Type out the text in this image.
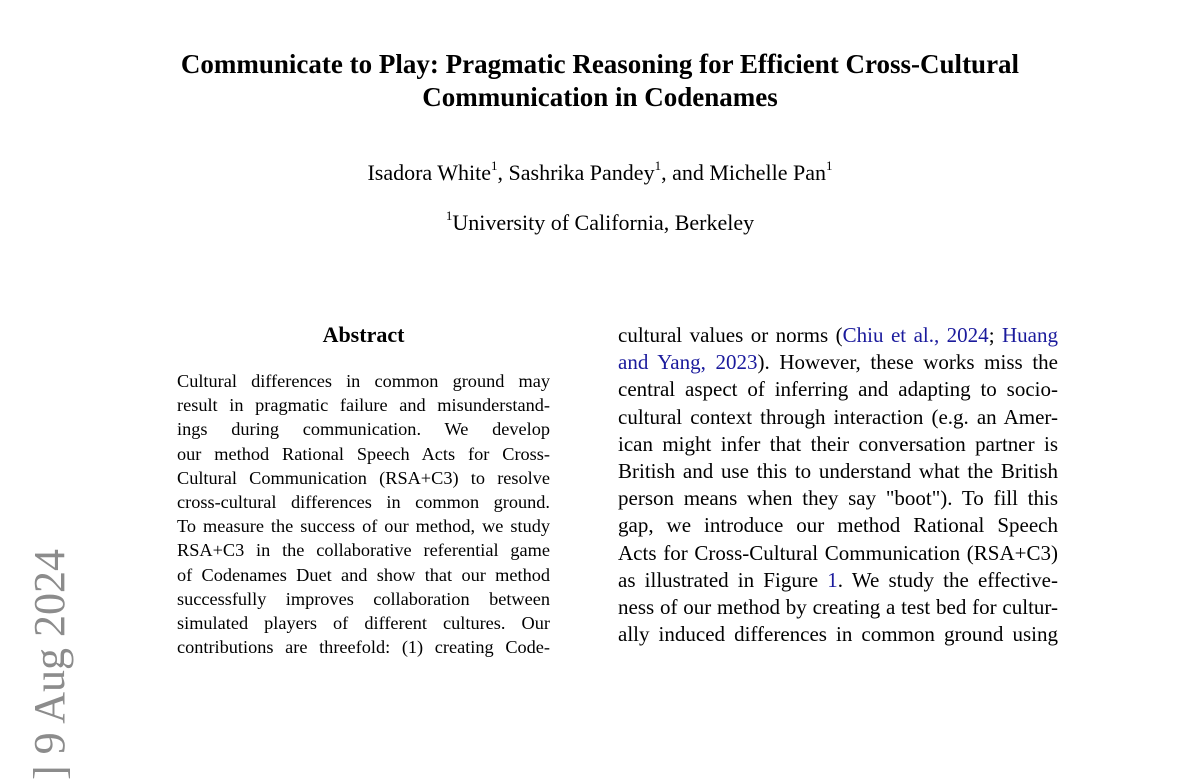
Communicate to Play: Pragmatic Reasoning for Efficient Cross-Cultural
Communication in Codenames
Isadora White$^1$, Sashrika Pandey$^1$, and Michelle Pan$^1$
$^1$University of California, Berkeley
Abstract
Cultural differences in common ground may
result in pragmatic failure and misunderstand-
ings during communication. We develop
our method Rational Speech Acts for Cross-
Cultural Communication (RSA+C3) to resolve
cross-cultural differences in common ground.
To measure the success of our method, we study
RSA+C3 in the collaborative referential game
of Codenames Duet and show that our method
successfully improves collaboration between
simulated players of different cultures. Our
contributions are threefold: (1) creating Code-
cultural values or norms (Chiu et al., 2024; Huang
and Yang, 2023). However, these works miss the
central aspect of inferring and adapting to socio-
cultural context through interaction (e.g. an Amer-
ican might infer that their conversation partner is
British and use this to understand what the British
person means when they say "boot"). To fill this
gap, we introduce our method Rational Speech
Acts for Cross-Cultural Communication (RSA+C3)
as illustrated in Figure 1. We study the effective-
ness of our method by creating a test bed for cultur-
ally induced differences in common ground using
] 9 Aug 2024
